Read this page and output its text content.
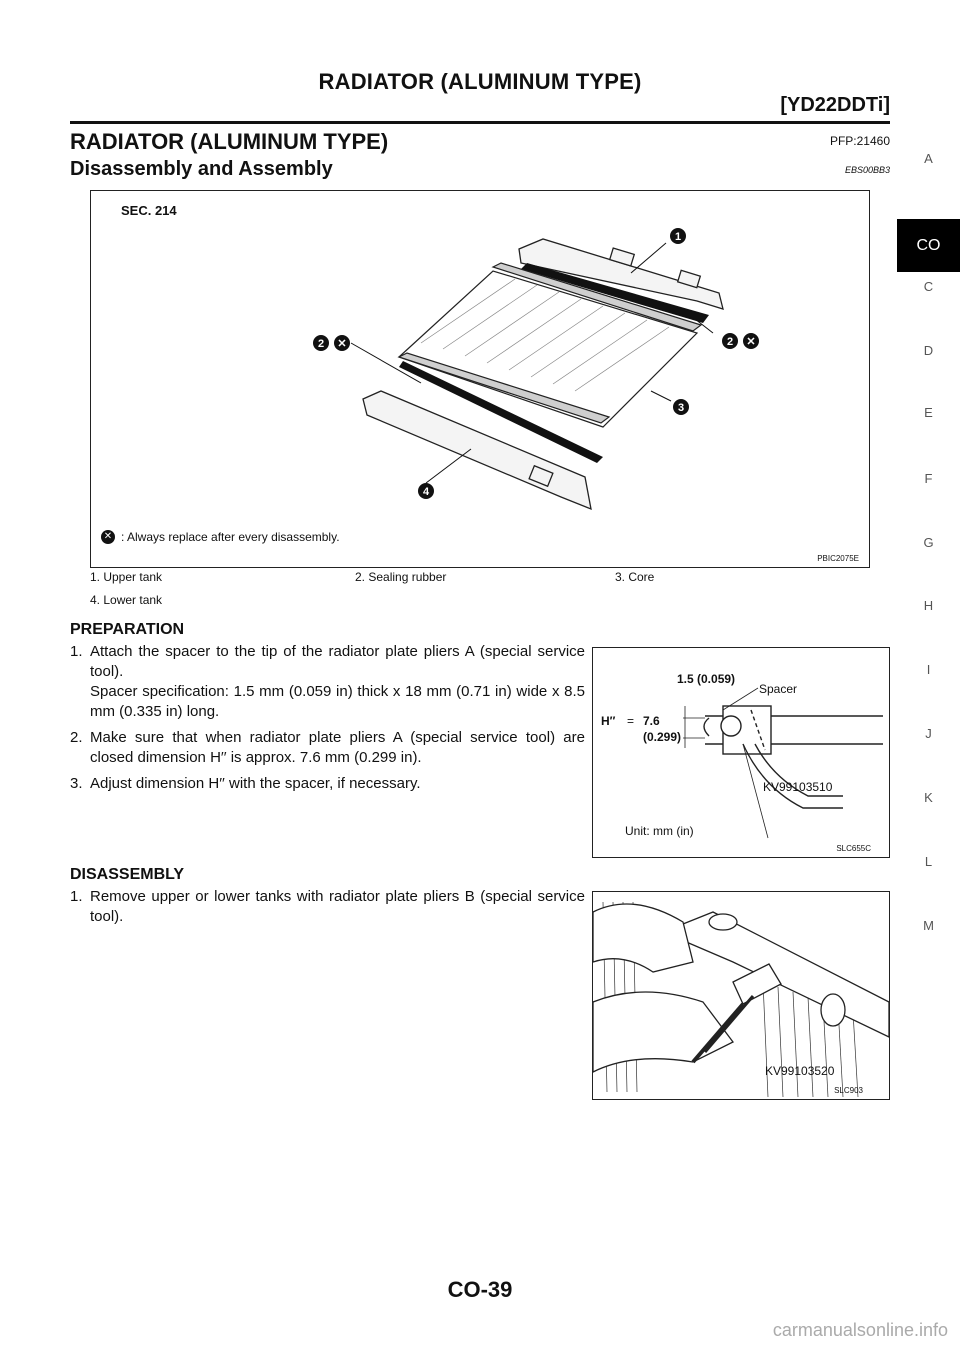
RADIATOR (ALUMINUM TYPE)
[YD22DDTi]
RADIATOR (ALUMINUM TYPE)	PFP:21460
Disassembly and Assembly	EBS00BB3
SEC. 214
1
2 ✕	2 ✕
3
4
✕ : Always replace after every disassembly.
PBIC2075E
1. Upper tank	2. Sealing rubber	3. Core
4. Lower tank
PREPARATION
1. Attach the spacer to the tip of the radiator plate pliers A (special service tool).
Spacer specification: 1.5 mm (0.059 in) thick x 18 mm (0.71 in) wide x 8.5 mm (0.335 in) long.
2. Make sure that when radiator plate pliers A (special service tool) are closed dimension H′′ is approx. 7.6 mm (0.299 in).
3. Adjust dimension H′′ with the spacer, if necessary.
1.5 (0.059)
Spacer
H′′ = 7.6
(0.299)
KV99103510
Unit: mm (in)
SLC655C
DISASSEMBLY
1. Remove upper or lower tanks with radiator plate pliers B (special service tool).
KV99103520
SLC903
A
C
D
E
F
G
H
I
J
K
L
M
CO
CO-39
carmanualsonline.info
